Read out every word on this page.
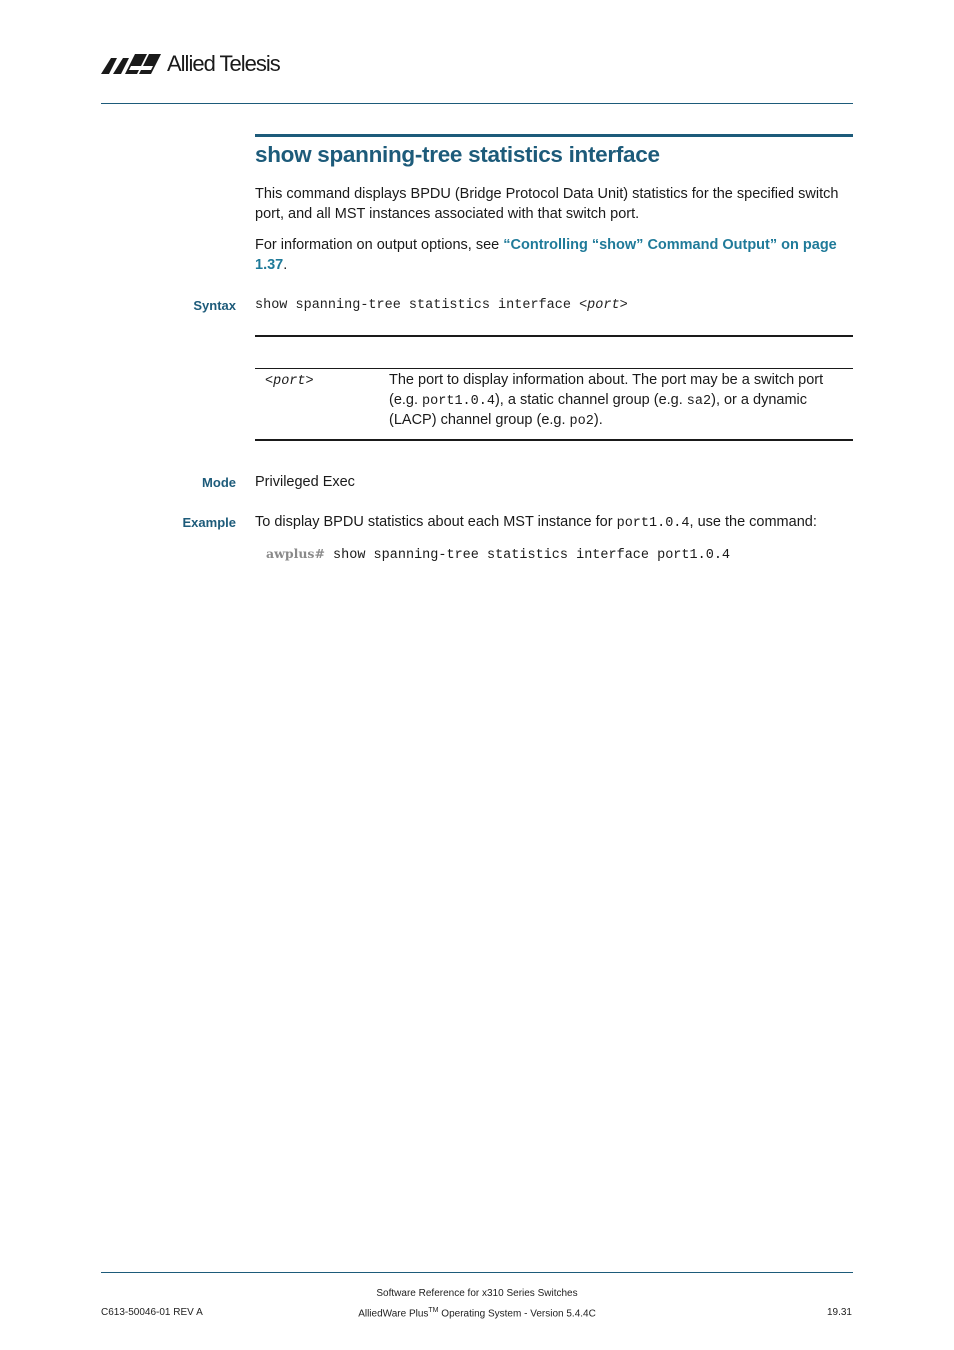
Allied Telesis
show spanning-tree statistics interface

This command displays BPDU (Bridge Protocol Data Unit) statistics for the specified switch port, and all MST instances associated with that switch port.

For information on output options, see “Controlling “show” Command Output” on page 1.37.

Syntax show spanning-tree statistics interface <port>
<port>	The port to display information about. The port may be a switch port (e.g. port1.0.4), a static channel group (e.g. sa2), or a dynamic (LACP) channel group (e.g. po2).

Mode Privileged Exec

Example To display BPDU statistics about each MST instance for port1.0.4, use the command:

awplus# show spanning-tree statistics interface port1.0.4
Software Reference for x310 Series Switches
C613-50046-01 REV A	AlliedWare Plus™ Operating System - Version 5.4.4C	19.31
